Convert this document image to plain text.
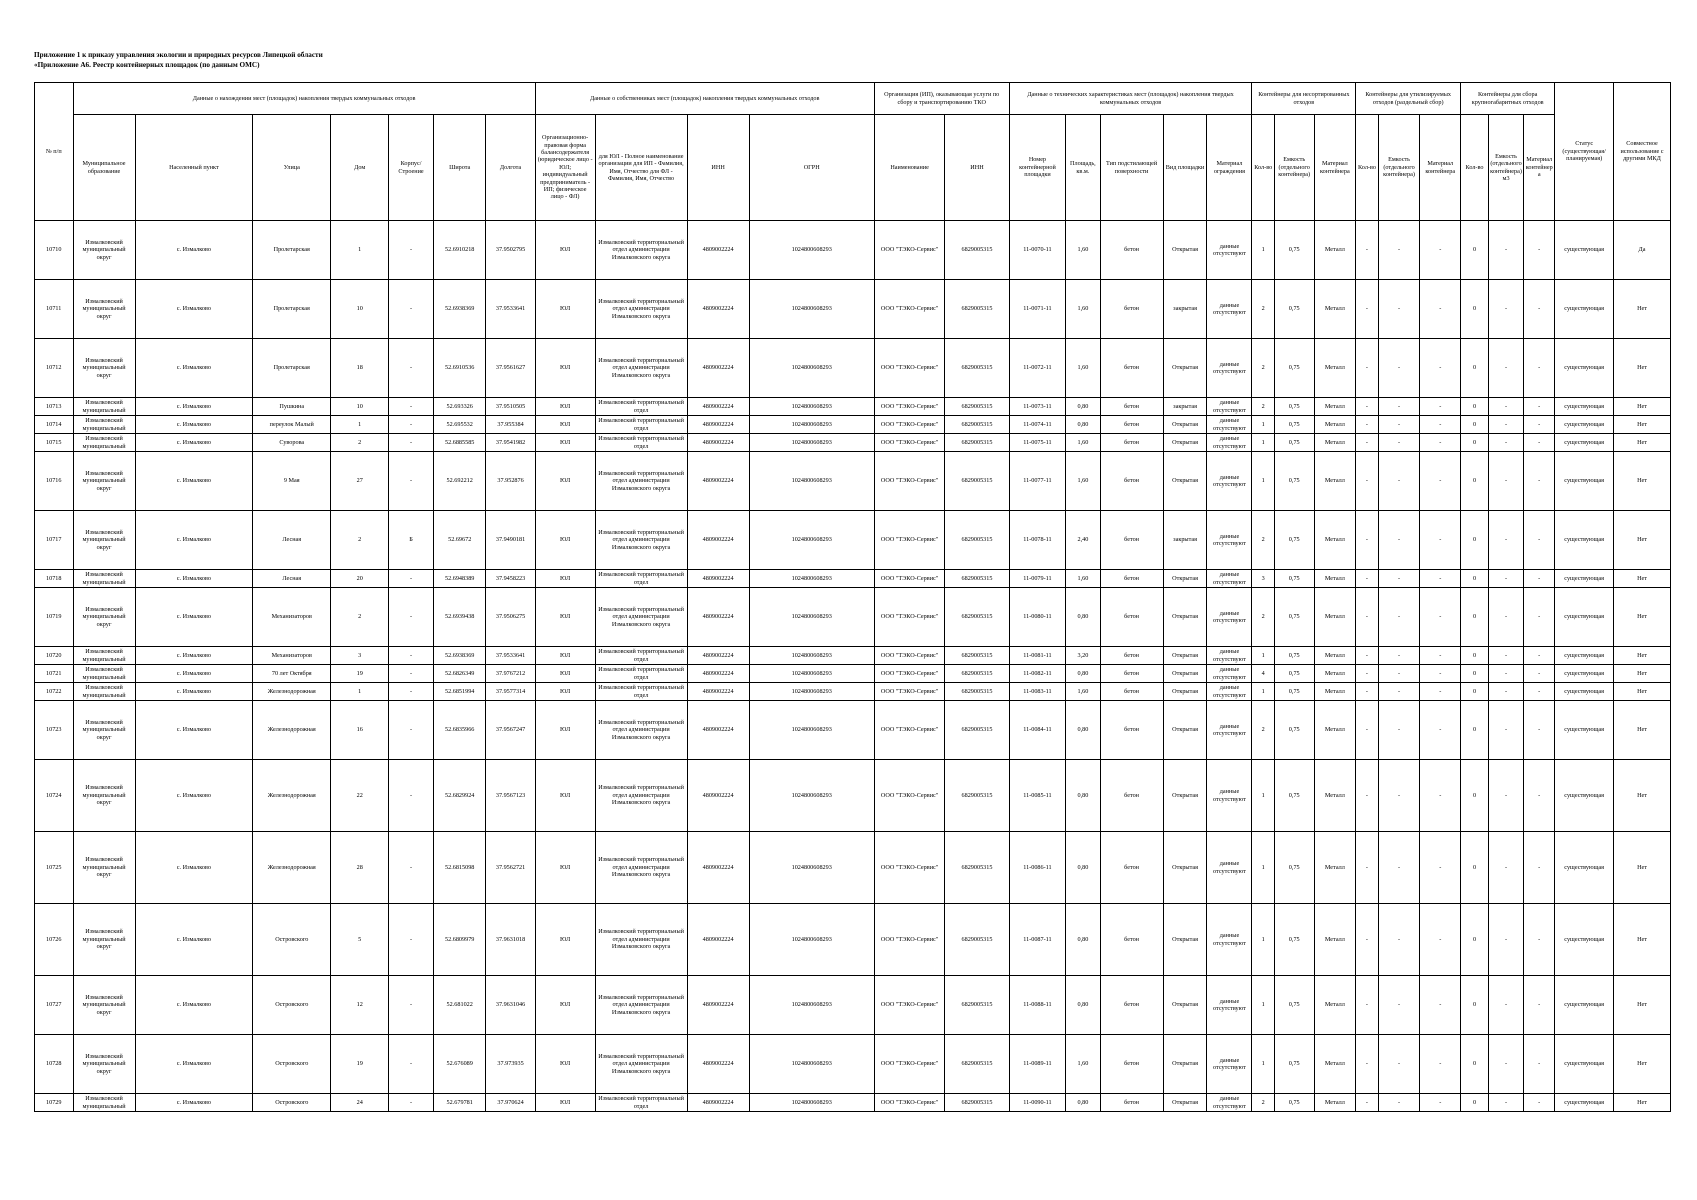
Приложение 1 к приказу управления экологии и природных ресурсов Липецкой области
«Приложение А6. Реестр контейнерных площадок (по данным ОМС)
№ п/п	Данные о нахождении мест (площадок) накопления твердых коммунальных отходов							Данные о собственниках мест (площадок) накопления твердых коммунальных отходов				Организация (ИП), оказывающая услуги по сбору и транспортированию ТКО		Данные о технических характеристиках мест (площадок) накопления твердых коммунальных отходов					Контейнеры для несортированных отходов			Контейнеры для утилизируемых отходов (раздельный сбор)			Контейнеры для сбора крупногабаритных отходов			Статус (существующая/планируемая)	Совместное использование с другими МКД
	Муниципальное образование	Населенный пункт	Улица	Дом	Корпус/Строение	Широта	Долгота	Организационно-правовая форма балансодержателя (юридическое лицо - ЮЛ; индивидуальный предприниматель - ИП; физическое лицо - ФЛ)	для ЮЛ - Полное наименование организации для ИП - Фамилия, Имя, Отчество для ФЛ - Фамилия, Имя, Отчество	ИНН	ОГРН	Наименование	ИНН	Номер контейнерной площадки	Площадь, кв.м.	Тип подстилающей поверхности	Вид площадки	Материал ограждения	Кол-во	Емкость (отдельного контейнера)	Материал контейнера	Кол-во	Емкость (отдельного контейнера)	Материал контейнера	Кол-во	Емкость (отдельного контейнера) м3	Материал контейнера		

10710	Измалковский муниципальный округ	с. Измалково	Пролетарская	1	-	52.6910218	37.9502795	ЮЛ	Измалковский территориальный отдел администрации Измалковского округа	4809002224	1024800608293	ООО "ТЭКО-Сервис"	6829005315	11-0070-11	1,60	бетон	Открытая	данные отсутствуют	1	0,75	Металл	-	-	-	0	-	-	существующая	Да

10711	Измалковский муниципальный округ	с. Измалково	Пролетарская	10	-	52.6938369	37.9533641	ЮЛ	Измалковский территориальный отдел администрации Измалковского округа	4809002224	1024800608293	ООО "ТЭКО-Сервис"	6829005315	11-0071-11	1,60	бетон	закрытая	данные отсутствуют	2	0,75	Металл	-	-	-	0	-	-	существующая	Нет

10712	Измалковский муниципальный округ	с. Измалково	Пролетарская	18	-	52.6910536	37.9561627	ЮЛ	Измалковский территориальный отдел администрации Измалковского округа	4809002224	1024800608293	ООО "ТЭКО-Сервис"	6829005315	11-0072-11	1,60	бетон	Открытая	данные отсутствуют	2	0,75	Металл	-	-	-	0	-	-	существующая	Нет

10713	Измалковский муниципальный	с. Измалково	Пушкина	10	-	52.693326	37.9510505	ЮЛ	Измалковский территориальный отдел	4809002224	1024800608293	ООО "ТЭКО-Сервис"	6829005315	11-0073-11	0,80	бетон	закрытая	данные отсутствуют	2	0,75	Металл	-	-	-	0	-	-	существующая	Нет

10714	Измалковский муниципальный	с. Измалково	переулок Малый	1	-	52.695532	37.955384	ЮЛ	Измалковский территориальный отдел	4809002224	1024800608293	ООО "ТЭКО-Сервис"	6829005315	11-0074-11	0,80	бетон	Открытая	данные отсутствуют	1	0,75	Металл	-	-	-	0	-	-	существующая	Нет

10715	Измалковский муниципальный	с. Измалково	Суворова	2	-	52.6885585	37.9541982	ЮЛ	Измалковский территориальный отдел	4809002224	1024800608293	ООО "ТЭКО-Сервис"	6829005315	11-0075-11	1,60	бетон	Открытая	данные отсутствуют	1	0,75	Металл	-	-	-	0	-	-	существующая	Нет

10716	Измалковский муниципальный округ	с. Измалково	9 Мая	27	-	52.692212	37.952876	ЮЛ	Измалковский территориальный отдел администрации Измалковского округа	4809002224	1024800608293	ООО "ТЭКО-Сервис"	6829005315	11-0077-11	1,60	бетон	Открытая	данные отсутствуют	1	0,75	Металл	-	-	-	0	-	-	существующая	Нет

10717	Измалковский муниципальный округ	с. Измалково	Лесная	2	Б	52.69672	37.9490181	ЮЛ	Измалковский территориальный отдел администрации Измалковского округа	4809002224	1024800608293	ООО "ТЭКО-Сервис"	6829005315	11-0078-11	2,40	бетон	закрытая	данные отсутствуют	2	0,75	Металл	-	-	-	0	-	-	существующая	Нет

10718	Измалковский муниципальный	с. Измалково	Лесная	20	-	52.6948389	37.9458223	ЮЛ	Измалковский территориальный отдел	4809002224	1024800608293	ООО "ТЭКО-Сервис"	6829005315	11-0079-11	1,60	бетон	Открытая	данные отсутствуют	3	0,75	Металл	-	-	-	0	-	-	существующая	Нет

10719	Измалковский муниципальный округ	с. Измалково	Механизаторов	2	-	52.6939438	37.9506275	ЮЛ	Измалковский территориальный отдел администрации Измалковского округа	4809002224	1024800608293	ООО "ТЭКО-Сервис"	6829005315	11-0080-11	0,80	бетон	Открытая	данные отсутствуют	2	0,75	Металл	-	-	-	0	-	-	существующая	Нет

10720	Измалковский муниципальный	с. Измалково	Механизаторов	3	-	52.6938369	37.9533641	ЮЛ	Измалковский территориальный отдел	4809002224	1024800608293	ООО "ТЭКО-Сервис"	6829005315	11-0081-11	3,20	бетон	Открытая	данные отсутствуют	1	0,75	Металл	-	-	-	0	-	-	существующая	Нет

10721	Измалковский муниципальный	с. Измалково	70 лет Октября	19	-	52.6826349	37.9767212	ЮЛ	Измалковский территориальный отдел	4809002224	1024800608293	ООО "ТЭКО-Сервис"	6829005315	11-0082-11	0,80	бетон	Открытая	данные отсутствуют	4	0,75	Металл	-	-	-	0	-	-	существующая	Нет

10722	Измалковский муниципальный	с. Измалково	Железнодорожная	1	-	52.6851994	37.9577314	ЮЛ	Измалковский территориальный отдел	4809002224	1024800608293	ООО "ТЭКО-Сервис"	6829005315	11-0083-11	1,60	бетон	Открытая	данные отсутствуют	1	0,75	Металл	-	-	-	0	-	-	существующая	Нет

10723	Измалковский муниципальный округ	с. Измалково	Железнодорожная	16	-	52.6835966	37.9567247	ЮЛ	Измалковский территориальный отдел администрации Измалковского округа	4809002224	1024800608293	ООО "ТЭКО-Сервис"	6829005315	11-0084-11	0,80	бетон	Открытая	данные отсутствуют	2	0,75	Металл	-	-	-	0	-	-	существующая	Нет

10724	Измалковский муниципальный округ	с. Измалково	Железнодорожная	22	-	52.6829924	37.9567123	ЮЛ	Измалковский территориальный отдел администрации Измалковского округа	4809002224	1024800608293	ООО "ТЭКО-Сервис"	6829005315	11-0085-11	0,80	бетон	Открытая	данные отсутствуют	1	0,75	Металл	-	-	-	0	-	-	существующая	Нет

10725	Измалковский муниципальный округ	с. Измалково	Железнодорожная	28	-	52.6815098	37.9562721	ЮЛ	Измалковский территориальный отдел администрации Измалковского округа	4809002224	1024800608293	ООО "ТЭКО-Сервис"	6829005315	11-0086-11	0,80	бетон	Открытая	данные отсутствуют	1	0,75	Металл	-	-	-	0	-	-	существующая	Нет

10726	Измалковский муниципальный округ	с. Измалково	Островского	5	-	52.6809979	37.9631018	ЮЛ	Измалковский территориальный отдел администрации Измалковского округа	4809002224	1024800608293	ООО "ТЭКО-Сервис"	6829005315	11-0087-11	0,80	бетон	Открытая	данные отсутствуют	1	0,75	Металл	-	-	-	0	-	-	существующая	Нет

10727	Измалковский муниципальный округ	с. Измалково	Островского	12	-	52.681022	37.9631046	ЮЛ	Измалковский территориальный отдел администрации Измалковского округа	4809002224	1024800608293	ООО "ТЭКО-Сервис"	6829005315	11-0088-11	0,80	бетон	Открытая	данные отсутствуют	1	0,75	Металл	-	-	-	0	-	-	существующая	Нет

10728	Измалковский муниципальный округ	с. Измалково	Островского	19	-	52.676089	37.973935	ЮЛ	Измалковский территориальный отдел администрации Измалковского округа	4809002224	1024800608293	ООО "ТЭКО-Сервис"	6829005315	11-0089-11	1,60	бетон	Открытая	данные отсутствуют	1	0,75	Металл	-	-	-	0	-	-	существующая	Нет

10729	Измалковский муниципальный	с. Измалково	Островского	24	-	52.679781	37.970624	ЮЛ	Измалковский территориальный отдел	4809002224	1024800608293	ООО "ТЭКО-Сервис"	6829005315	11-0090-11	0,80	бетон	Открытая	данные отсутствуют	2	0,75	Металл	-	-	-	0	-	-	существующая	Нет
